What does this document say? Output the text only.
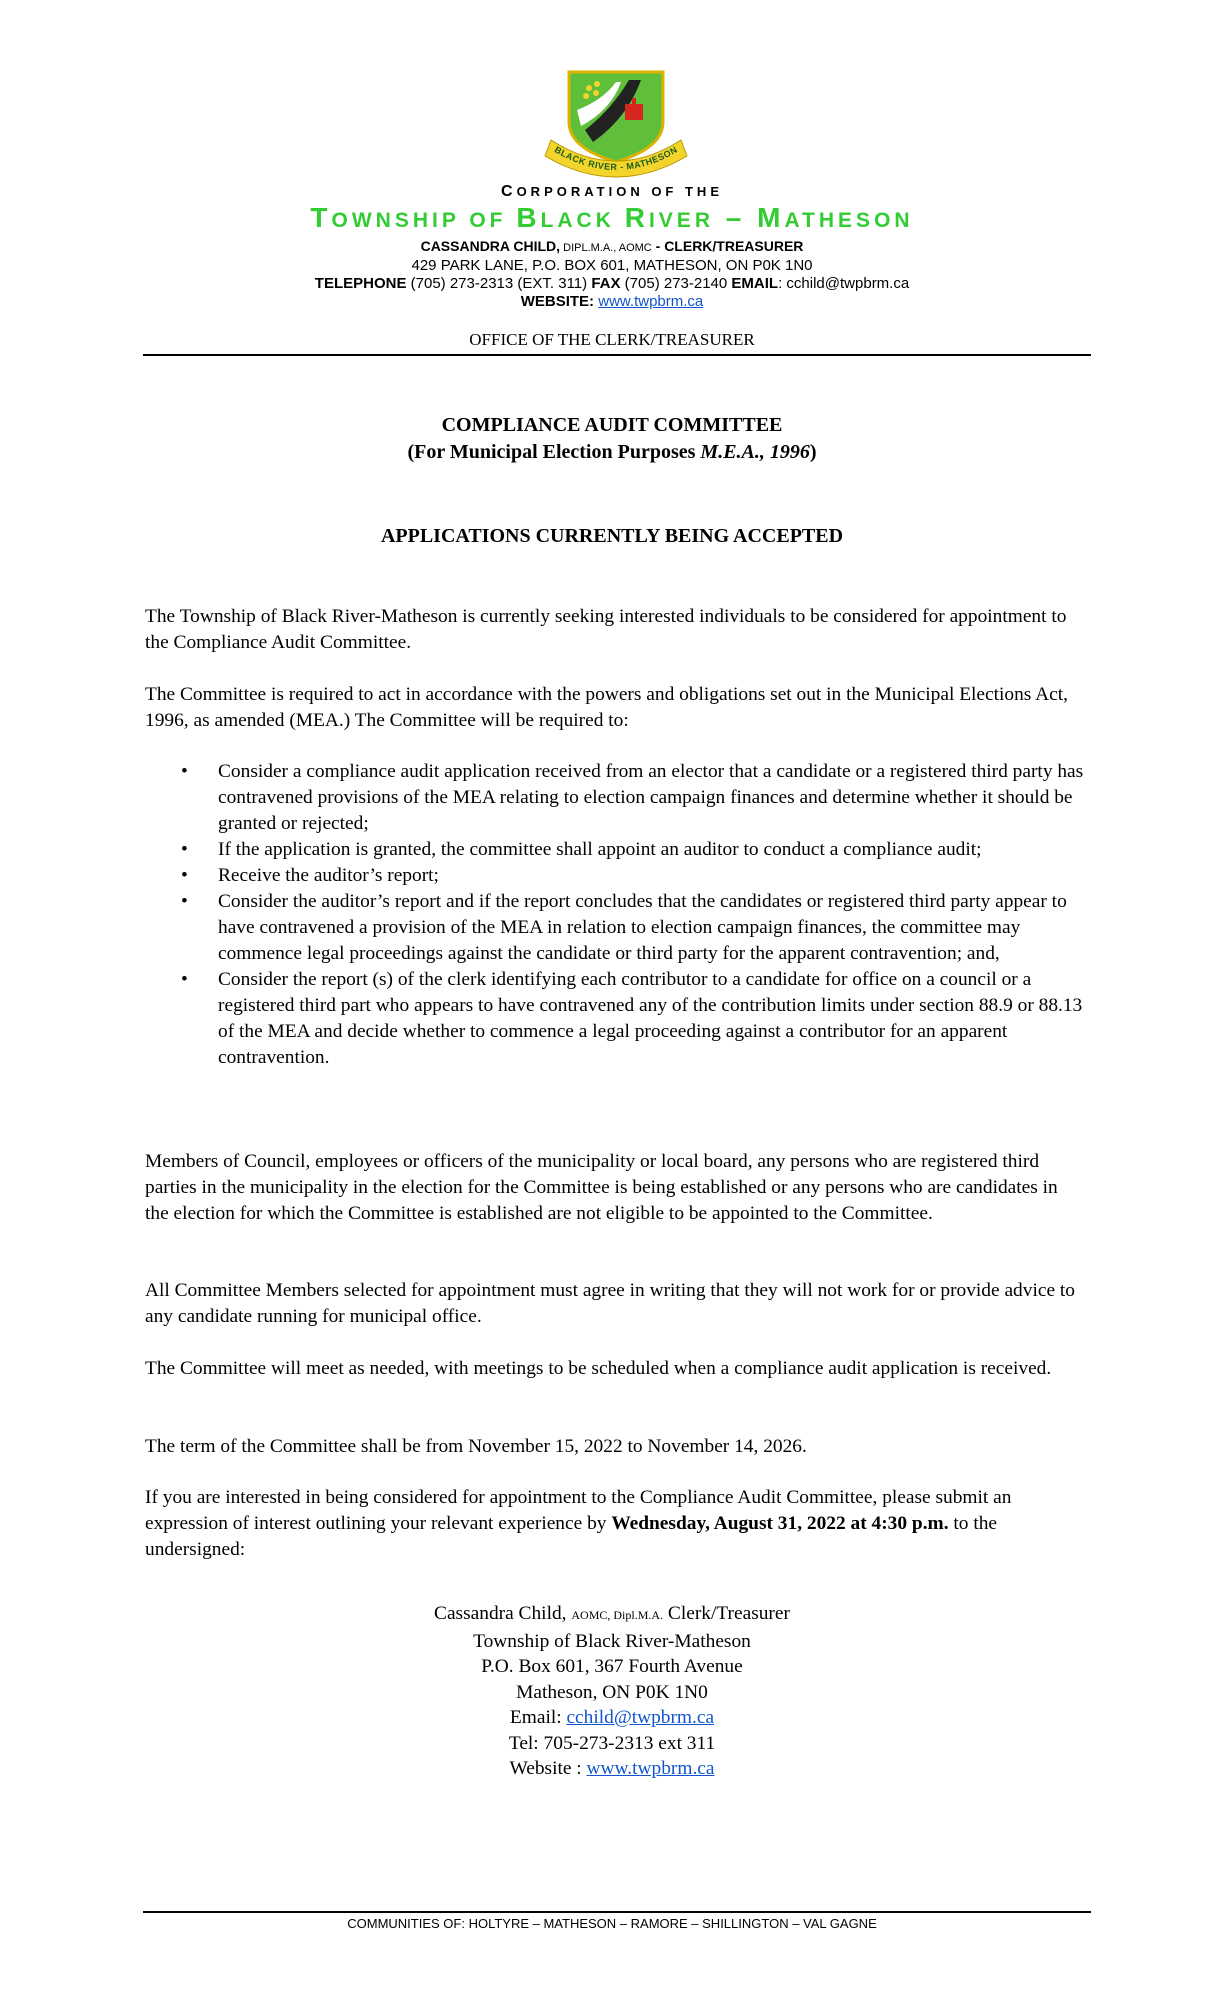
BLACK RIVER - MATHESON
CORPORATION OF THE
TOWNSHIP OF BLACK RIVER – MATHESON
CASSANDRA CHILD, DIPL.M.A., AOMC - CLERK/TREASURER
429 PARK LANE, P.O. BOX 601, MATHESON, ON P0K 1N0
TELEPHONE (705) 273-2313 (EXT. 311) FAX (705) 273-2140 EMAIL: cchild@twpbrm.ca
WEBSITE: www.twpbrm.ca
OFFICE OF THE CLERK/TREASURER
COMPLIANCE AUDIT COMMITTEE
(For Municipal Election Purposes M.E.A., 1996)
APPLICATIONS CURRENTLY BEING ACCEPTED

The Township of Black River-Matheson is currently seeking interested individuals to be considered for appointment to the Compliance Audit Committee.

The Committee is required to act in accordance with the powers and obligations set out in the Municipal Elections Act, 1996, as amended (MEA.) The Committee will be required to:

• Consider a compliance audit application received from an elector that a candidate or a registered third party has contravened provisions of the MEA relating to election campaign finances and determine whether it should be granted or rejected;
• If the application is granted, the committee shall appoint an auditor to conduct a compliance audit;
• Receive the auditor’s report;
• Consider the auditor’s report and if the report concludes that the candidates or registered third party appear to have contravened a provision of the MEA in relation to election campaign finances, the committee may commence legal proceedings against the candidate or third party for the apparent contravention; and,
• Consider the report (s) of the clerk identifying each contributor to a candidate for office on a council or a registered third part who appears to have contravened any of the contribution limits under section 88.9 or 88.13 of the MEA and decide whether to commence a legal proceeding against a contributor for an apparent contravention.

Members of Council, employees or officers of the municipality or local board, any persons who are registered third parties in the municipality in the election for the Committee is being established or any persons who are candidates in the election for which the Committee is established are not eligible to be appointed to the Committee.

All Committee Members selected for appointment must agree in writing that they will not work for or provide advice to any candidate running for municipal office.

The Committee will meet as needed, with meetings to be scheduled when a compliance audit application is received.

The term of the Committee shall be from November 15, 2022 to November 14, 2026.

If you are interested in being considered for appointment to the Compliance Audit Committee, please submit an expression of interest outlining your relevant experience by Wednesday, August 31, 2022 at 4:30 p.m. to the undersigned:

Cassandra Child, AOMC, Dipl.M.A. Clerk/Treasurer
Township of Black River-Matheson
P.O. Box 601, 367 Fourth Avenue
Matheson, ON P0K 1N0
Email: cchild@twpbrm.ca
Tel: 705-273-2313 ext 311
Website : www.twpbrm.ca
COMMUNITIES OF: HOLTYRE – MATHESON – RAMORE – SHILLINGTON – VAL GAGNE
